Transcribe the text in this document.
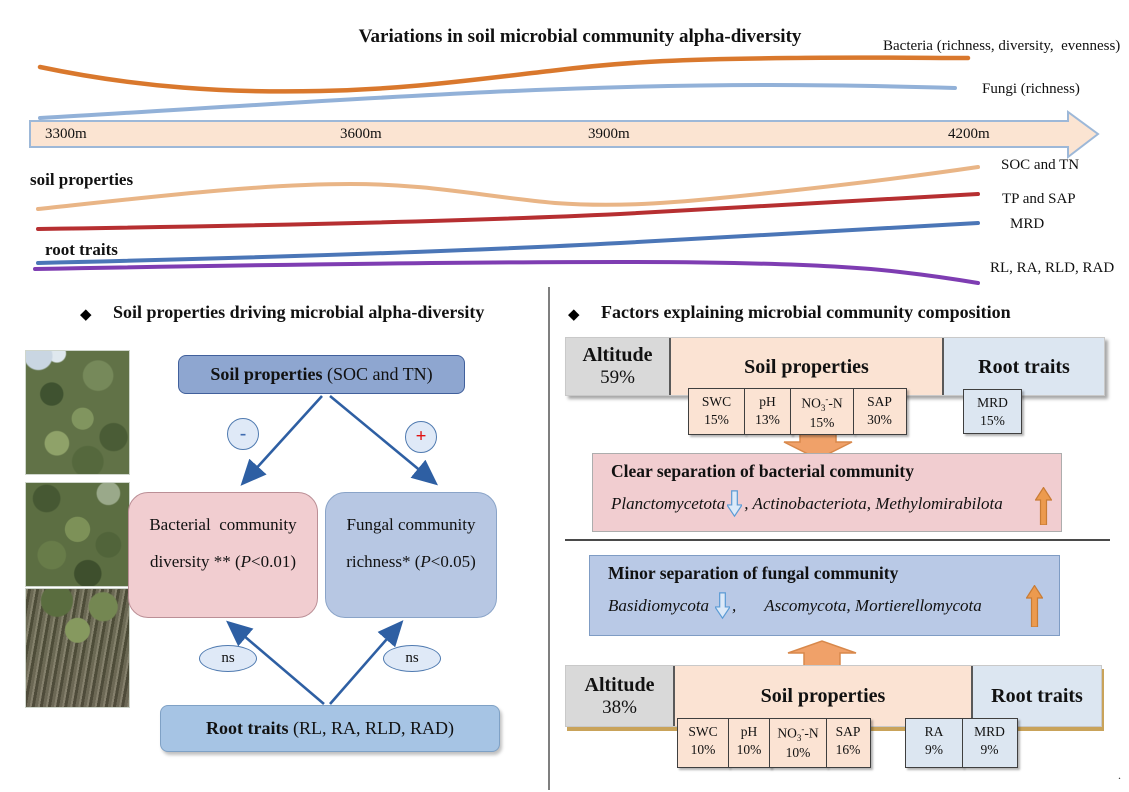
Variations in soil microbial community alpha-diversity	Bacteria (richness, diversity,  evenness)
Fungi (richness)
3300m	3600m	3900m	4200m
soil properties
root traits
SOC and TN
TP and SAP
MRD
RL, RA, RLD, RAD
◆ Soil properties driving microbial alpha-diversity
Soil properties (SOC and TN)
-	+
Bacterial  community
diversity ** (P<0.01)
Fungal community
richness* (P<0.05)
ns	ns
Root traits (RL, RA, RLD, RAD)
◆ Factors explaining microbial community composition
Altitude
59%
Soil properties	Root traits
SWC
15%
pH
13%
$NO_3^--N$
15%
SAP
30%
MRD
15%
Clear separation of bacterial community
Planctomycetota , Actinobacteriota, Methylomirabilota
Minor separation of fungal community
Basidiomycota , Ascomycota, Mortierellomycota
Altitude
38%
Soil properties	Root traits
SWC
10%
pH
10%
$NO_3^--N$
10%
SAP
16%
RA
9%
MRD
9%
.
